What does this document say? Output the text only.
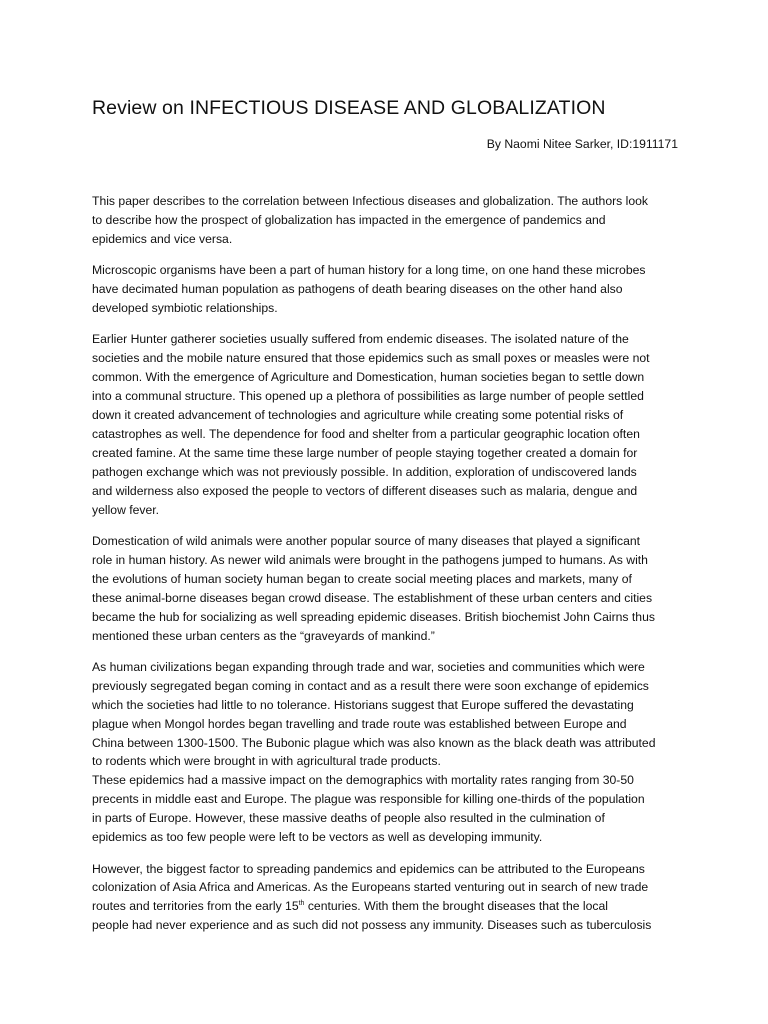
Review on INFECTIOUS DISEASE AND GLOBALIZATION

By Naomi Nitee Sarker, ID:1911171

This paper describes to the correlation between Infectious diseases and globalization. The authors look
to describe how the prospect of globalization has impacted in the emergence of pandemics and
epidemics and vice versa.
Microscopic organisms have been a part of human history for a long time, on one hand these microbes
have decimated human population as pathogens of death bearing diseases on the other hand also
developed symbiotic relationships.
Earlier Hunter gatherer societies usually suffered from endemic diseases. The isolated nature of the
societies and the mobile nature ensured that those epidemics such as small poxes or measles were not
common. With the emergence of Agriculture and Domestication, human societies began to settle down
into a communal structure. This opened up a plethora of possibilities as large number of people settled
down it created advancement of technologies and agriculture while creating some potential risks of
catastrophes as well. The dependence for food and shelter from a particular geographic location often
created famine. At the same time these large number of people staying together created a domain for
pathogen exchange which was not previously possible. In addition, exploration of undiscovered lands
and wilderness also exposed the people to vectors of different diseases such as malaria, dengue and
yellow fever.
Domestication of wild animals were another popular source of many diseases that played a significant
role in human history. As newer wild animals were brought in the pathogens jumped to humans. As with
the evolutions of human society human began to create social meeting places and markets, many of
these animal-borne diseases began crowd disease. The establishment of these urban centers and cities
became the hub for socializing as well spreading epidemic diseases. British biochemist John Cairns thus
mentioned these urban centers as the “graveyards of mankind.”
As human civilizations began expanding through trade and war, societies and communities which were
previously segregated began coming in contact and as a result there were soon exchange of epidemics
which the societies had little to no tolerance. Historians suggest that Europe suffered the devastating
plague when Mongol hordes began travelling and trade route was established between Europe and
China between 1300-1500. The Bubonic plague which was also known as the black death was attributed
to rodents which were brought in with agricultural trade products.
These epidemics had a massive impact on the demographics with mortality rates ranging from 30-50
precents in middle east and Europe. The plague was responsible for killing one-thirds of the population
in parts of Europe. However, these massive deaths of people also resulted in the culmination of
epidemics as too few people were left to be vectors as well as developing immunity.
However, the biggest factor to spreading pandemics and epidemics can be attributed to the Europeans
colonization of Asia Africa and Americas. As the Europeans started venturing out in search of new trade
routes and territories from the early 15th centuries. With them the brought diseases that the local
people had never experience and as such did not possess any immunity. Diseases such as tuberculosis
